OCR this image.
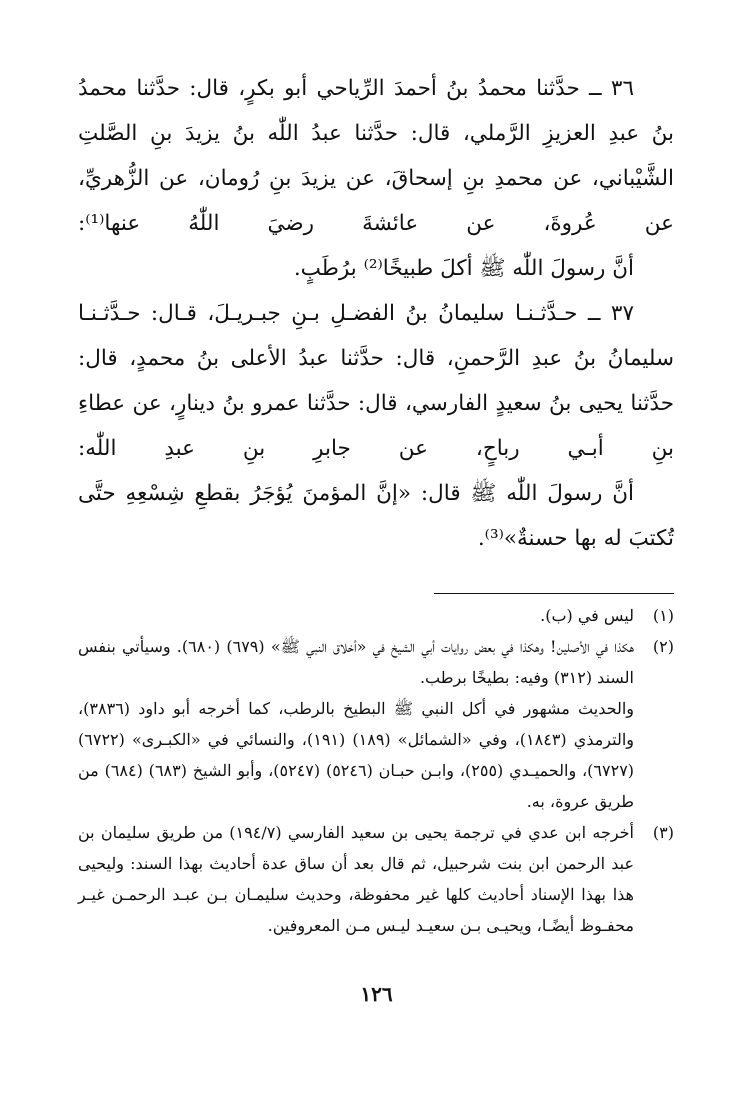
٣٦ ــ حدَّثنا محمدُ بنُ أحمدَ الرِّياحي أبو بكرٍ، قال: حدَّثنا محمدُ بنُ عبدِ العزيزِ الرَّملي، قال: حدَّثنا عبدُ اللّٰه بنُ يزيدَ بنِ الصَّلتِ الشَّيْباني، عن محمدِ بنِ إسحاقَ، عن يزيدَ بنِ رُومان، عن الزُّهريِّ، عن عُروةَ، عن عائشةَ رضيَ اللّٰهُ عنها⁽¹⁾:

أنَّ رسولَ اللّٰه ﷺ أكلَ طبيخًا⁽²⁾ برُطَبٍ.

٣٧ ــ حـدَّثـنـا سليمانُ بنُ الفضـلِ بـنِ جبـريـلَ، قـال: حـدَّثـنـا سليمانُ بنُ عبدِ الرَّحمنِ، قال: حدَّثنا عبدُ الأعلى بنُ محمدٍ، قال: حدَّثنا يحيى بنُ سعيدٍ الفارسي، قال: حدَّثنا عمرو بنُ دينارٍ، عن عطاءِ بنِ أبـي رباحٍ، عن جابرِ بنِ عبدِ اللّٰه:

أنَّ رسولَ اللّٰه ﷺ قال: «إنَّ المؤمنَ يُؤجَرُ بقطعِ شِسْعِهِ حتَّى تُكتبَ له بها حسنةٌ»⁽³⁾.

(١)

ليس في (ب).

(٢)

هكذا في الأصلين! وهكذا في بعض روايات أبي الشيخ في «أخلاق النبي ﷺ» (٦٧٩) (٦٨٠). وسيأتي بنفس السند (٣١٢) وفيه: بطيخًا برطب.

والحديث مشهور في أكل النبي ﷺ البطيخ بالرطب، كما أخرجه أبو داود (٣٨٣٦)، والترمذي (١٨٤٣)، وفي «الشمائل» (١٨٩) (١٩١)، والنسائي في «الكبـرى» (٦٧٢٢) (٦٧٢٧)، والحميـدي (٢٥٥)، وابـن حبـان (٥٢٤٦) (٥٢٤٧)، وأبو الشيخ (٦٨٣) (٦٨٤) من طريق عروة، به.

(٣)

أخرجه ابن عدي في ترجمة يحيى بن سعيد الفارسي (١٩٤/٧) من طريق سليمان بن عبد الرحمن ابن بنت شرحبيل، ثم قال بعد أن ساق عدة أحاديث بهذا السند: وليحيى هذا بهذا الإسناد أحاديث كلها غير محفوظة، وحديث سليمـان بـن عبـد الرحمـن غيـر محفـوظ أيضًـا، ويحيـى بـن سعيـد ليـس مـن المعروفين.

١٢٦
